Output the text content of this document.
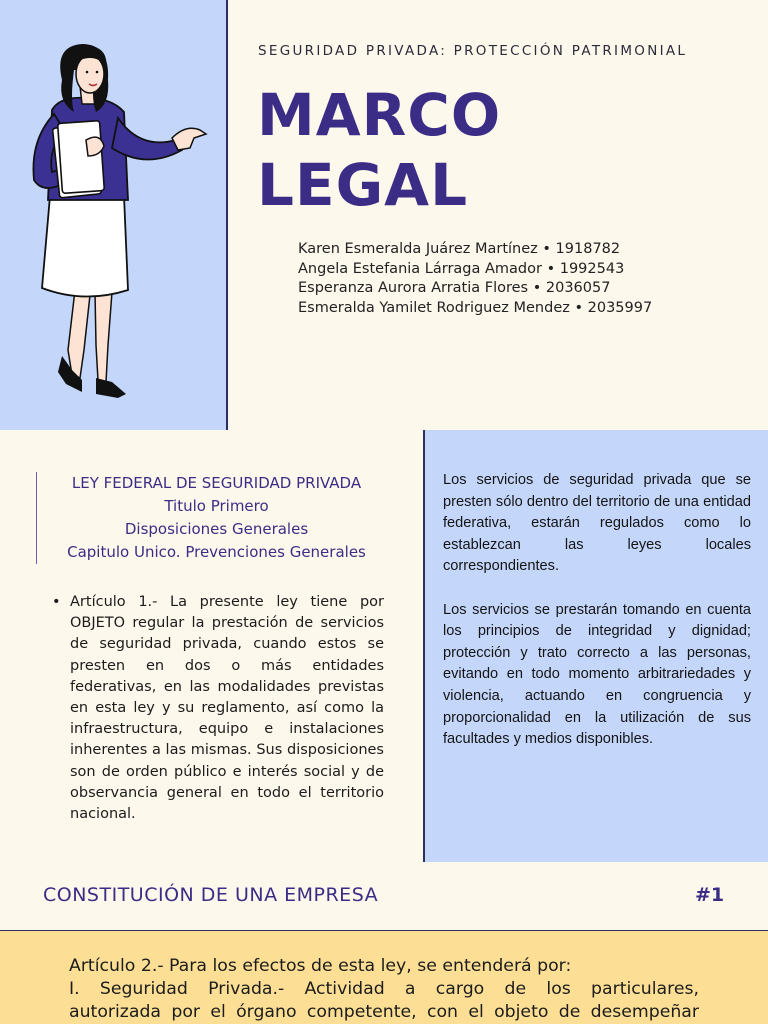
SEGURIDAD PRIVADA: PROTECCIÓN PATRIMONIAL
MARCO
LEGAL
Karen Esmeralda Juárez Martínez • 1918782
Angela Estefania Lárraga Amador • 1992543
Esperanza Aurora Arratia Flores • 2036057
Esmeralda Yamilet Rodriguez Mendez • 2035997
LEY FEDERAL DE SEGURIDAD PRIVADA
Titulo Primero
Disposiciones Generales
Capitulo Unico. Prevenciones Generales
• Artículo 1.- La presente ley tiene por OBJETO regular la prestación de servicios de seguridad privada, cuando estos se presten en dos o más entidades federativas, en las modalidades previstas en esta ley y su reglamento, así como la infraestructura, equipo e instalaciones inherentes a las mismas. Sus disposiciones son de orden público e interés social y de observancia general en todo el territorio nacional.

Los servicios de seguridad privada que se presten sólo dentro del territorio de una entidad federativa, estarán regulados como lo establezcan las leyes locales correspondientes.

Los servicios se prestarán tomando en cuenta los principios de integridad y dignidad; protección y trato correcto a las personas, evitando en todo momento arbitrariedades y violencia, actuando en congruencia y proporcionalidad en la utilización de sus facultades y medios disponibles.

CONSTITUCIÓN DE UNA EMPRESA	#1
Artículo 2.- Para los efectos de esta ley, se entenderá por:
I. Seguridad Privada.- Actividad a cargo de los particulares,
autorizada por el órgano competente, con el objeto de desempeñar
